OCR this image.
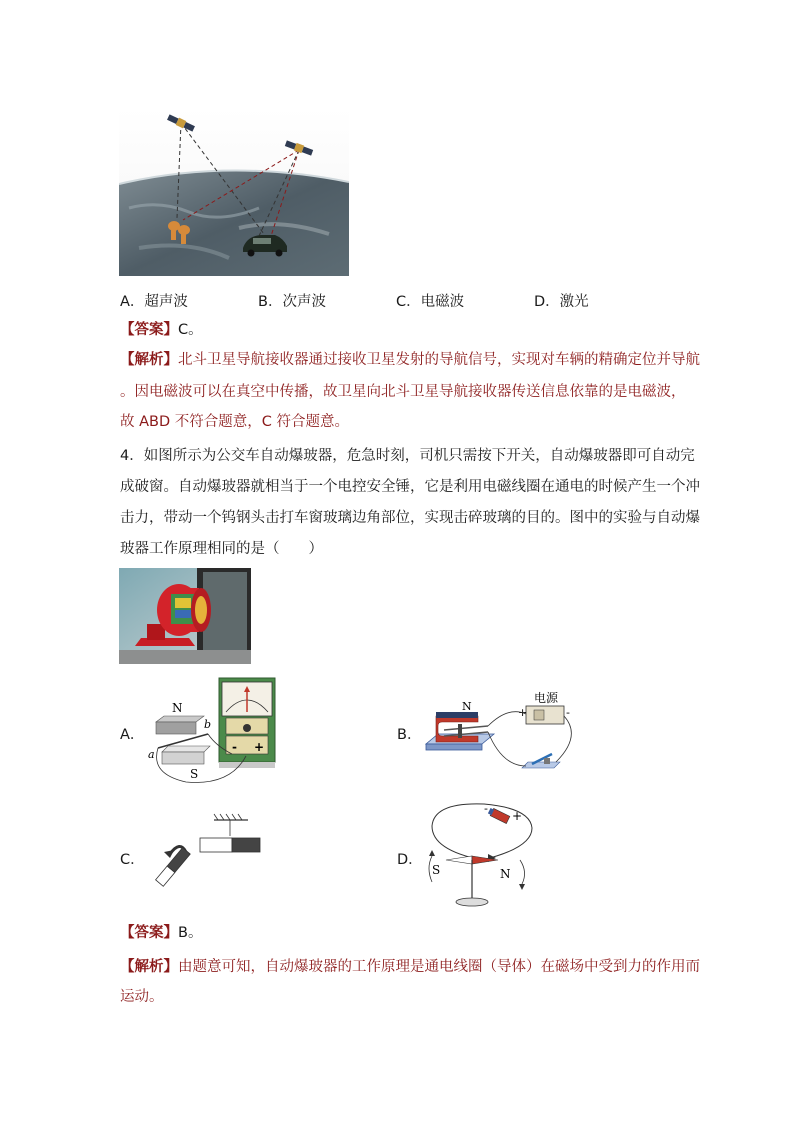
A．超声波	B．次声波	C．电磁波	D．激光
【答案】C。
【解析】北斗卫星导航接收器通过接收卫星发射的导航信号，实现对车辆的精确定位并导航
。因电磁波可以在真空中传播，故卫星向北斗卫星导航接收器传送信息依靠的是电磁波，
故 ABD 不符合题意，C 符合题意。
4．如图所示为公交车自动爆玻器，危急时刻，司机只需按下开关，自动爆玻器即可自动完
成破窗。自动爆玻器就相当于一个电控安全锤，它是利用电磁线圈在通电的时候产生一个冲
击力，带动一个钨钢头击打车窗玻璃边角部位，实现击碎玻璃的目的。图中的实验与自动爆
玻器工作原理相同的是（　　）
A．
- +
N
b
a
S
B．
N
电源
+	-
C．	D．
-
+
S	N
【答案】B。
【解析】由题意可知，自动爆玻器的工作原理是通电线圈（导体）在磁场中受到力的作用而
运动。
